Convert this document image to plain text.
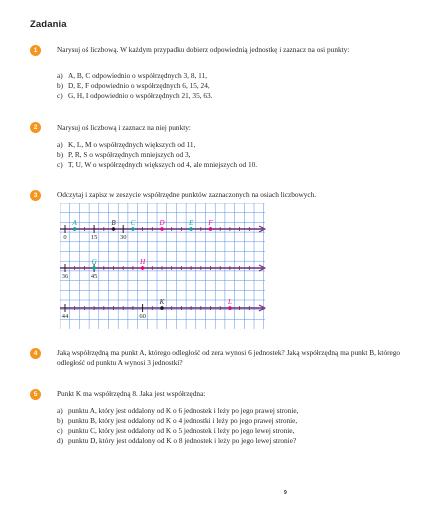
Zadania
1	Narysuj oś liczbową. W każdym przypadku dobierz odpowiednią jednostkę i zaznacz na osi punkty:
a) A, B, C odpowiednio o współrzędnych 3, 8, 11,
b) D, E, F odpowiednio o współrzędnych 6, 15, 24,
c) G, H, I odpowiednio o współrzędnych 21, 35, 63.
2	Narysuj oś liczbową i zaznacz na niej punkty:
a) K, L, M o współrzędnych większych od 11,
b) P, R, S o współrzędnych mniejszych od 3,
c) T, U, W o współrzędnych większych od 4, ale mniejszych od 10.
3	Odczytaj i zapisz w zeszycie współrzędne punktów zaznaczonych na osiach liczbowych.
0	15	30
A	B C	D	E F
36	45
G	H
44	60
K	L
4	Jaką współrzędną ma punkt A, którego odległość od zera wynosi 6 jednostek? Jaką współrzędną ma punkt B, którego odległość od punktu A wynosi 3 jednostki?
5	Punkt K ma współrzędną 8. Jaka jest współrzędna:
a) punktu A, który jest oddalony od K o 6 jednostek i leży po jego prawej stronie,
b) punktu B, który jest oddalony od K o 4 jednostki i leży po jego prawej stronie,
c) punktu C, który jest oddalony od K o 5 jednostek i leży po jego lewej stronie,
d) punktu D, który jest oddalony od K o 8 jednostek i leży po jego lewej stronie?
9
